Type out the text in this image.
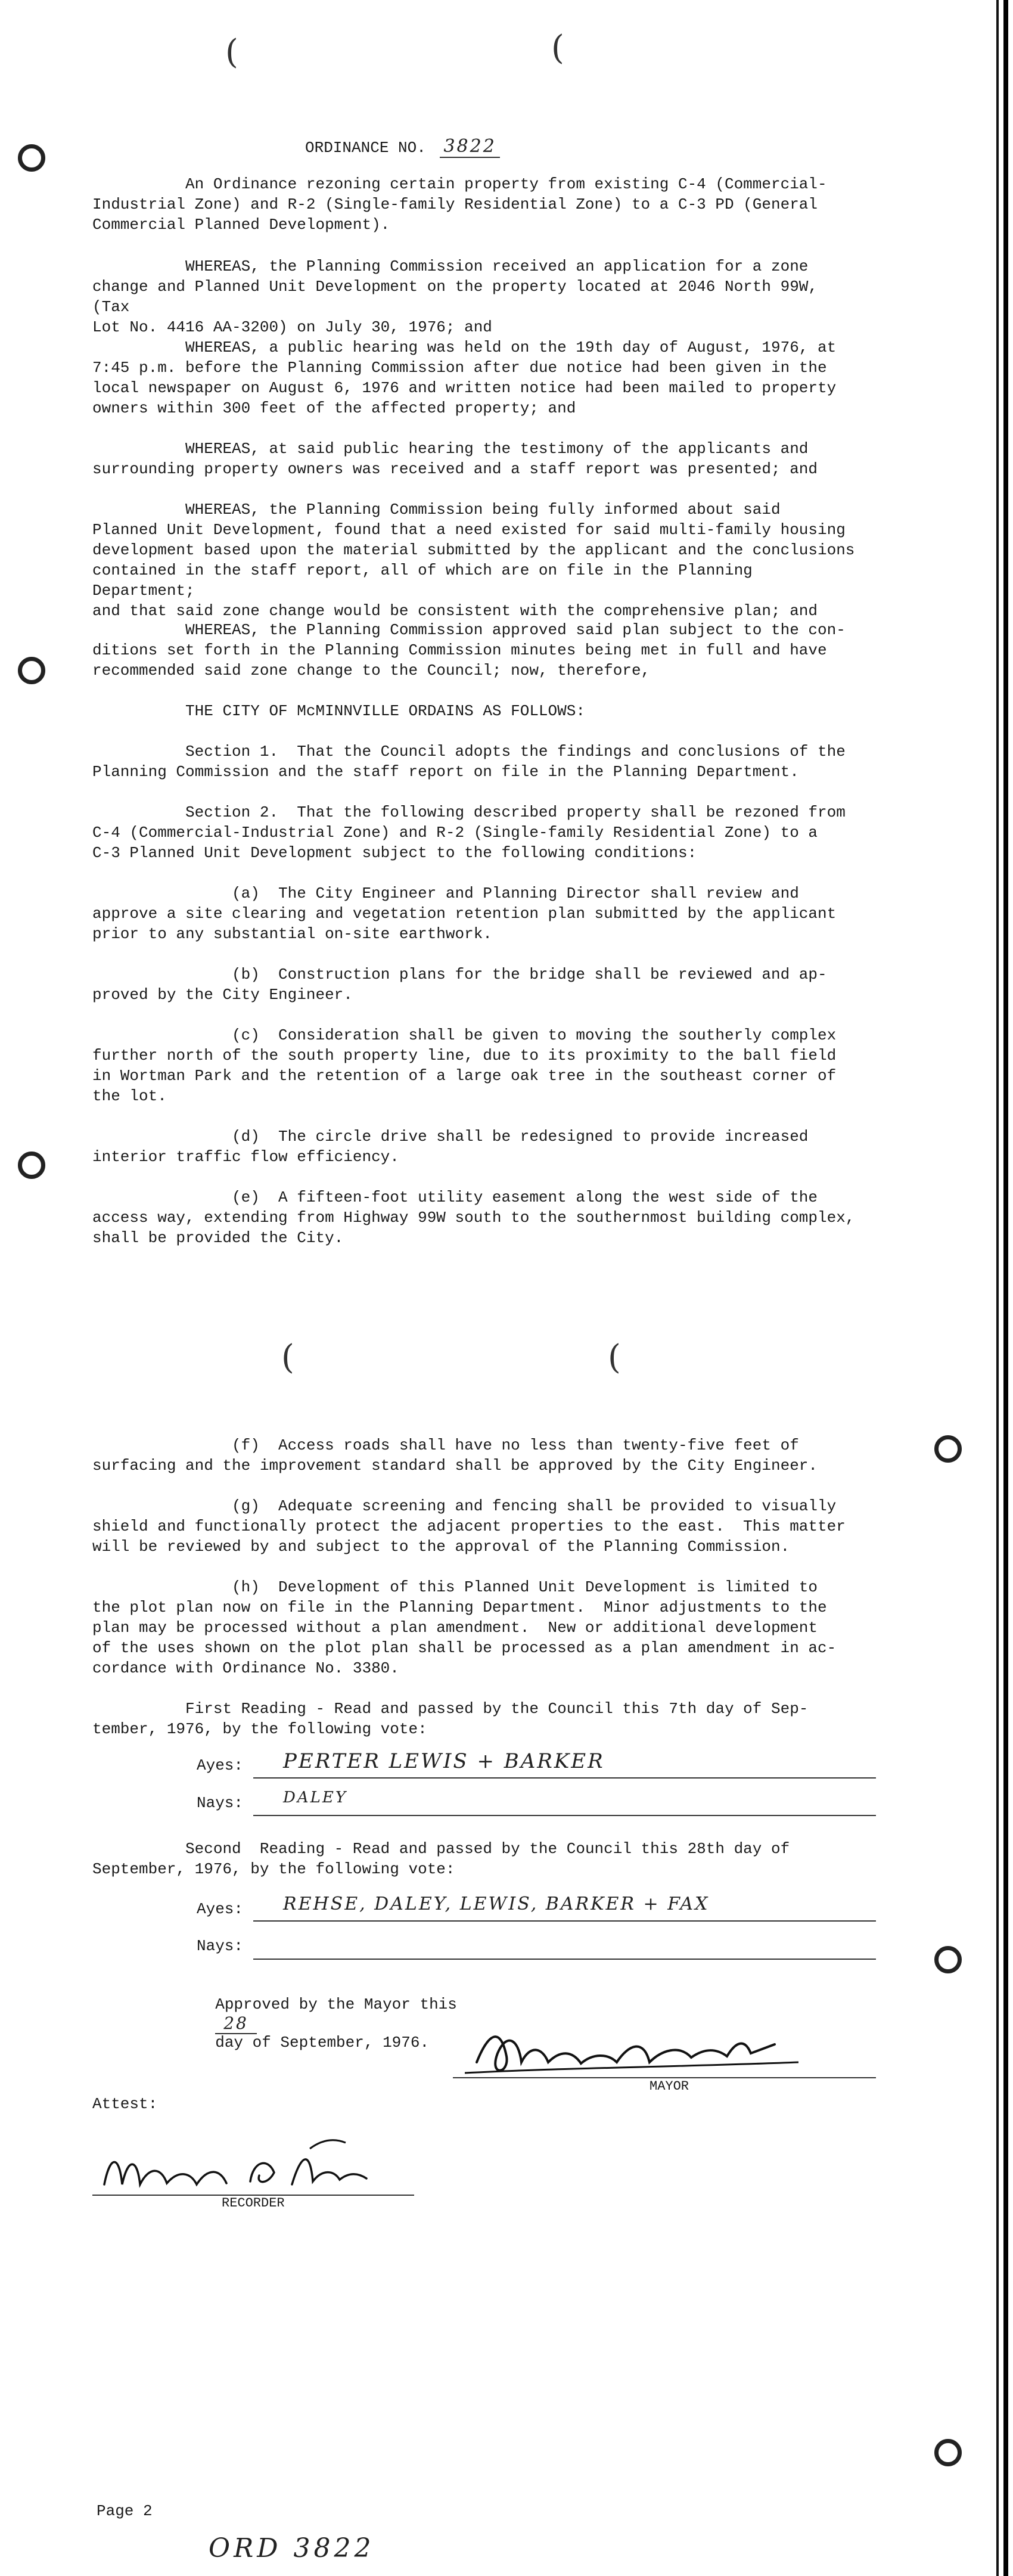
(	(
(	(
ORDINANCE NO. 3822

An Ordinance rezoning certain property from existing C-4 (Commercial-
Industrial Zone) and R-2 (Single-family Residential Zone) to a C-3 PD (General
Commercial Planned Development).

WHEREAS, the Planning Commission received an application for a zone
change and Planned Unit Development on the property located at 2046 North 99W, (Tax
Lot No. 4416 AA-3200) on July 30, 1976; and

WHEREAS, a public hearing was held on the 19th day of August, 1976, at
7:45 p.m. before the Planning Commission after due notice had been given in the
local newspaper on August 6, 1976 and written notice had been mailed to property
owners within 300 feet of the affected property; and

WHEREAS, at said public hearing the testimony of the applicants and
surrounding property owners was received and a staff report was presented; and

WHEREAS, the Planning Commission being fully informed about said
Planned Unit Development, found that a need existed for said multi-family housing
development based upon the material submitted by the applicant and the conclusions
contained in the staff report, all of which are on file in the Planning Department;
and that said zone change would be consistent with the comprehensive plan; and

WHEREAS, the Planning Commission approved said plan subject to the con-
ditions set forth in the Planning Commission minutes being met in full and have
recommended said zone change to the Council; now, therefore,

THE CITY OF McMINNVILLE ORDAINS AS FOLLOWS:

Section 1.  That the Council adopts the findings and conclusions of the
Planning Commission and the staff report on file in the Planning Department.

Section 2.  That the following described property shall be rezoned from
C-4 (Commercial-Industrial Zone) and R-2 (Single-family Residential Zone) to a
C-3 Planned Unit Development subject to the following conditions:

(a)  The City Engineer and Planning Director shall review and
approve a site clearing and vegetation retention plan submitted by the applicant
prior to any substantial on-site earthwork.

(b)  Construction plans for the bridge shall be reviewed and ap-
proved by the City Engineer.

(c)  Consideration shall be given to moving the southerly complex
further north of the south property line, due to its proximity to the ball field
in Wortman Park and the retention of a large oak tree in the southeast corner of
the lot.

(d)  The circle drive shall be redesigned to provide increased
interior traffic flow efficiency.

(e)  A fifteen-foot utility easement along the west side of the
access way, extending from Highway 99W south to the southernmost building complex,
shall be provided the City.

(f)  Access roads shall have no less than twenty-five feet of
surfacing and the improvement standard shall be approved by the City Engineer.

(g)  Adequate screening and fencing shall be provided to visually
shield and functionally protect the adjacent properties to the east.  This matter
will be reviewed by and subject to the approval of the Planning Commission.

(h)  Development of this Planned Unit Development is limited to
the plot plan now on file in the Planning Department.  Minor adjustments to the
plan may be processed without a plan amendment.  New or additional development
of the uses shown on the plot plan shall be processed as a plan amendment in ac-
cordance with Ordinance No. 3380.

First Reading - Read and passed by the Council this 7th day of Sep-
tember, 1976, by the following vote:

Ayes: PERTER LEWIS + BARKER
Nays:	DALEY

Second  Reading - Read and passed by the Council this 28th day of
September, 1976, by the following vote:

Ayes: REHSE, DALEY, LEWIS, BARKER + FAX
Nays:

Approved by the Mayor this
28
day of September, 1976.

MAYOR
Attest:
RECORDER
Page 2
ORD 3822
